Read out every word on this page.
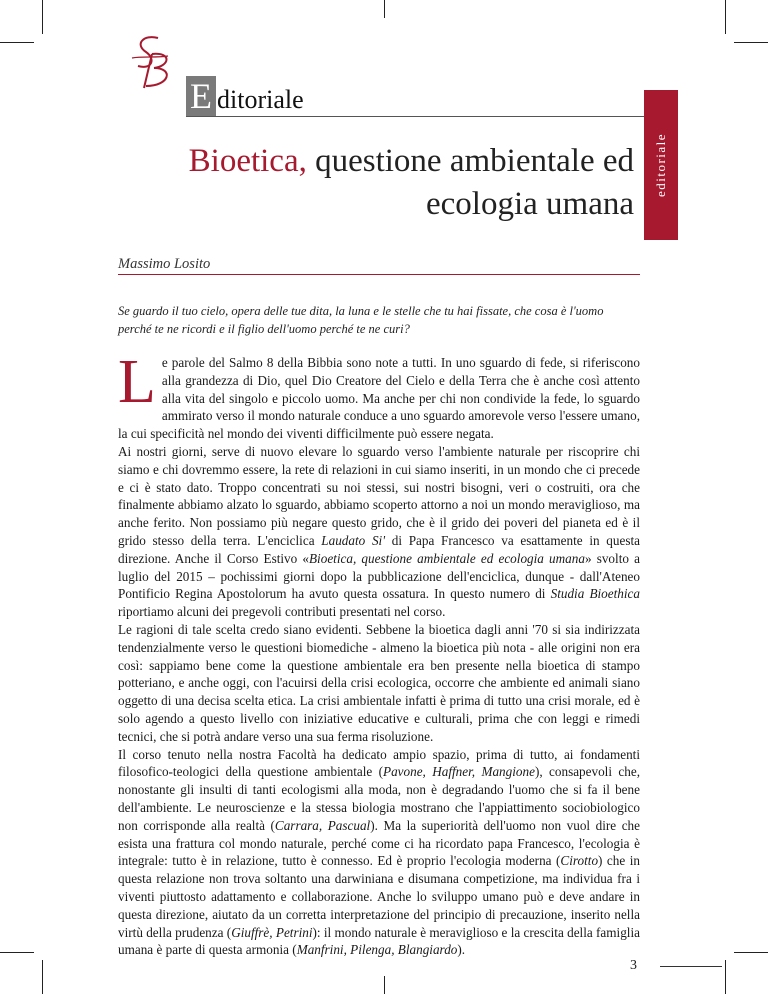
editoriale
E ditoriale
Bioetica, questione ambientale ed
ecologia umana
Massimo Losito
Se guardo il tuo cielo, opera delle tue dita, la luna e le stelle che tu hai fissate, che cosa è l'uomo perché te ne ricordi e il figlio dell'uomo perché te ne curi?

Le parole del Salmo 8 della Bibbia sono note a tutti. In uno sguardo di fede, si riferiscono alla grandezza di Dio, quel Dio Creatore del Cielo e della Terra che è anche così attento alla vita del singolo e piccolo uomo. Ma anche per chi non condivide la fede, lo sguardo ammirato verso il mondo naturale conduce a uno sguardo amorevole verso l'essere umano, la cui specificità nel mondo dei viventi difficilmente può essere negata.

Ai nostri giorni, serve di nuovo elevare lo sguardo verso l'ambiente naturale per riscoprire chi siamo e chi dovremmo essere, la rete di relazioni in cui siamo inseriti, in un mondo che ci precede e ci è stato dato. Troppo concentrati su noi stessi, sui nostri bisogni, veri o costruiti, ora che finalmente abbiamo alzato lo sguardo, abbiamo scoperto attorno a noi un mondo meraviglioso, ma anche ferito. Non possiamo più negare questo grido, che è il grido dei poveri del pianeta ed è il grido stesso della terra. L'enciclica Laudato Si' di Papa Francesco va esattamente in questa direzione. Anche il Corso Estivo «Bioetica, questione ambientale ed ecologia umana» svolto a luglio del 2015 – pochissimi giorni dopo la pubblicazione dell'enciclica, dunque - dall'Ateneo Pontificio Regina Apostolorum ha avuto questa ossatura. In questo numero di Studia Bioethica riportiamo alcuni dei pregevoli contributi presentati nel corso.

Le ragioni di tale scelta credo siano evidenti. Sebbene la bioetica dagli anni '70 si sia indirizzata tendenzialmente verso le questioni biomediche - almeno la bioetica più nota - alle origini non era così: sappiamo bene come la questione ambientale era ben presente nella bioetica di stampo potteriano, e anche oggi, con l'acuirsi della crisi ecologica, occorre che ambiente ed animali siano oggetto di una decisa scelta etica. La crisi ambientale infatti è prima di tutto una crisi morale, ed è solo agendo a questo livello con iniziative educative e culturali, prima che con leggi e rimedi tecnici, che si potrà andare verso una sua ferma risoluzione.

Il corso tenuto nella nostra Facoltà ha dedicato ampio spazio, prima di tutto, ai fondamenti filosofico-teologici della questione ambientale (Pavone, Haffner, Mangione), consapevoli che, nonostante gli insulti di tanti ecologismi alla moda, non è degradando l'uomo che si fa il bene dell'ambiente. Le neuroscienze e la stessa biologia mostrano che l'appiattimento sociobiologico non corrisponde alla realtà (Carrara, Pascual). Ma la superiorità dell'uomo non vuol dire che esista una frattura col mondo naturale, perché come ci ha ricordato papa Francesco, l'ecologia è integrale: tutto è in relazione, tutto è connesso. Ed è proprio l'ecologia moderna (Cirotto) che in questa relazione non trova soltanto una darwiniana e disumana competizione, ma individua fra i viventi piuttosto adattamento e collaborazione. Anche lo sviluppo umano può e deve andare in questa direzione, aiutato da un corretta interpretazione del principio di precauzione, inserito nella virtù della prudenza (Giuffrè, Petrini): il mondo naturale è meraviglioso e la crescita della famiglia umana è parte di questa armonia (Manfrini, Pilenga, Blangiardo).

3
